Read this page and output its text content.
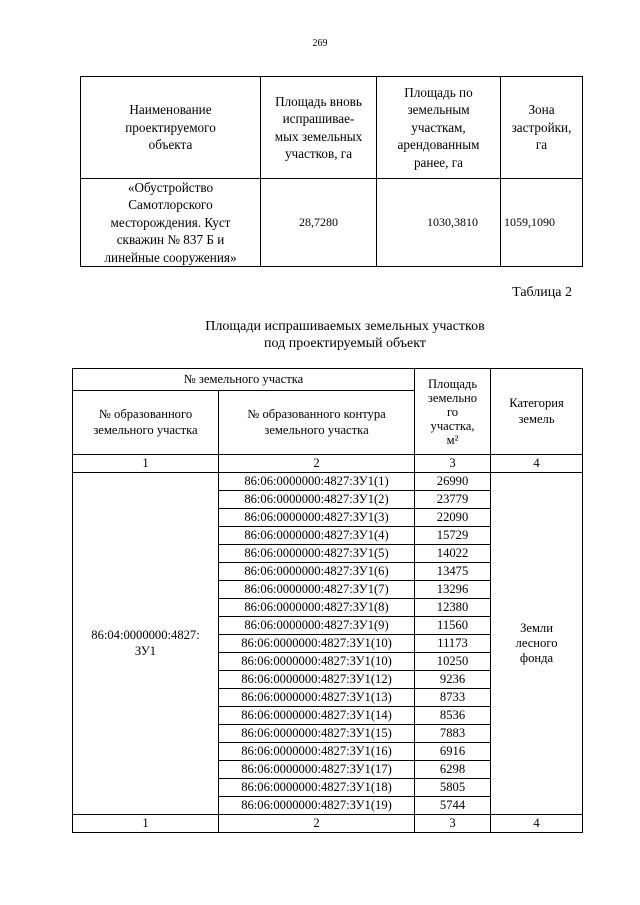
269
Наименование
проектируемого
объекта	Площадь вновь
испрашивае-
мых земельных
участков, га	Площадь по
земельным
участкам,
арендованным
ранее, га	Зона
застройки,
га

«Обустройство
Самотлорского
месторождения. Куст
скважин № 837 Б и
линейные сооружения»	28,7280	1030,3810	1059,1090
Таблица 2
Площади испрашиваемых земельных участков
под проектируемый объект
№ земельного участка		Площадь
земельно
го
участка,
м²	Категория
земель

№ образованного
земельного участка	№ образованного контура
земельного участка		

1	2	3	4

86:04:0000000:4827:
ЗУ1	86:06:0000000:4827:ЗУ1(1)	26990	Земли
лесного
фонда

	86:06:0000000:4827:ЗУ1(2)	23779	
	86:06:0000000:4827:ЗУ1(3)	22090	
	86:06:0000000:4827:ЗУ1(4)	15729	
	86:06:0000000:4827:ЗУ1(5)	14022	
	86:06:0000000:4827:ЗУ1(6)	13475	
	86:06:0000000:4827:ЗУ1(7)	13296	
	86:06:0000000:4827:ЗУ1(8)	12380	
	86:06:0000000:4827:ЗУ1(9)	11560	
	86:06:0000000:4827:ЗУ1(10)	11173	
	86:06:0000000:4827:ЗУ1(10)	10250	
	86:06:0000000:4827:ЗУ1(12)	9236	
	86:06:0000000:4827:ЗУ1(13)	8733	
	86:06:0000000:4827:ЗУ1(14)	8536	
	86:06:0000000:4827:ЗУ1(15)	7883	
	86:06:0000000:4827:ЗУ1(16)	6916	
	86:06:0000000:4827:ЗУ1(17)	6298	
	86:06:0000000:4827:ЗУ1(18)	5805	
	86:06:0000000:4827:ЗУ1(19)	5744	
1	2	3	4
